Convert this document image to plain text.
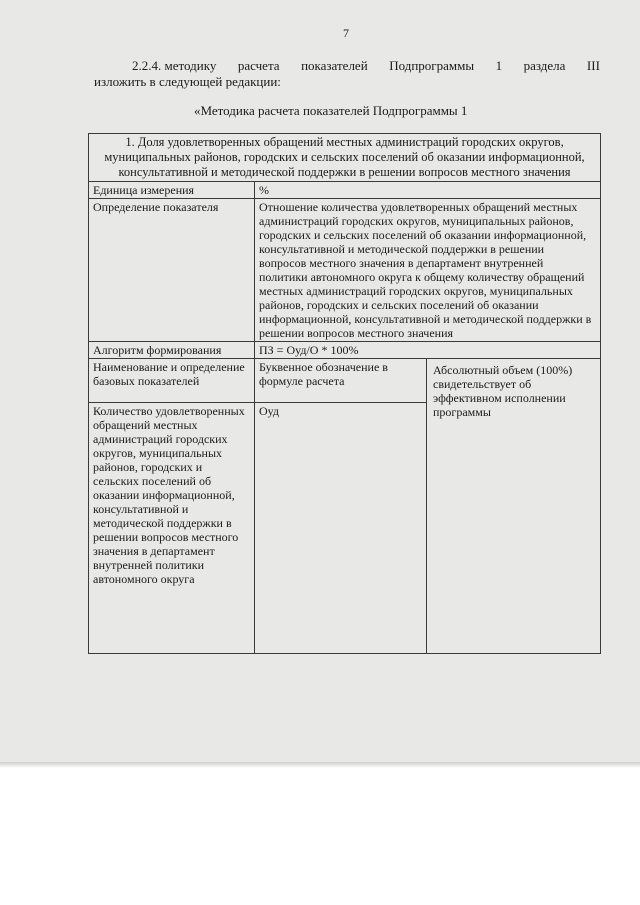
7
2.2.4. методику расчета показателей Подпрограммы 1 раздела III
изложить в следующей редакции:
«Методика расчета показателей Подпрограммы 1
1. Доля удовлетворенных обращений местных администраций городских округов, муниципальных районов, городских и сельских поселений об оказании информационной, консультативной и методической поддержки в решении вопросов местного значения		
Единица измерения	%	
Определение показателя	Отношение количества удовлетворенных обращений местных администраций городских округов, муниципальных районов, городских и сельских поселений об оказании информационной, консультативной и методической поддержки в решении вопросов местного значения в департамент внутренней политики автономного округа к общему количеству обращений местных администраций городских округов, муниципальных районов, городских и сельских поселений об оказании информационной, консультативной и методической поддержки в решении вопросов местного значения	
Алгоритм формирования	ПЗ = Оуд/О * 100%	
Наименование и определение базовых показателей	Буквенное обозначение в формуле расчета	Абсолютный объем (100%) свидетельствует об эффективном исполнении программы
Количество удовлетворенных обращений местных администраций городских округов, муниципальных районов, городских и сельских поселений об оказании информационной, консультативной и методической поддержки в решении вопросов местного значения в департамент внутренней политики автономного округа	Оуд	
